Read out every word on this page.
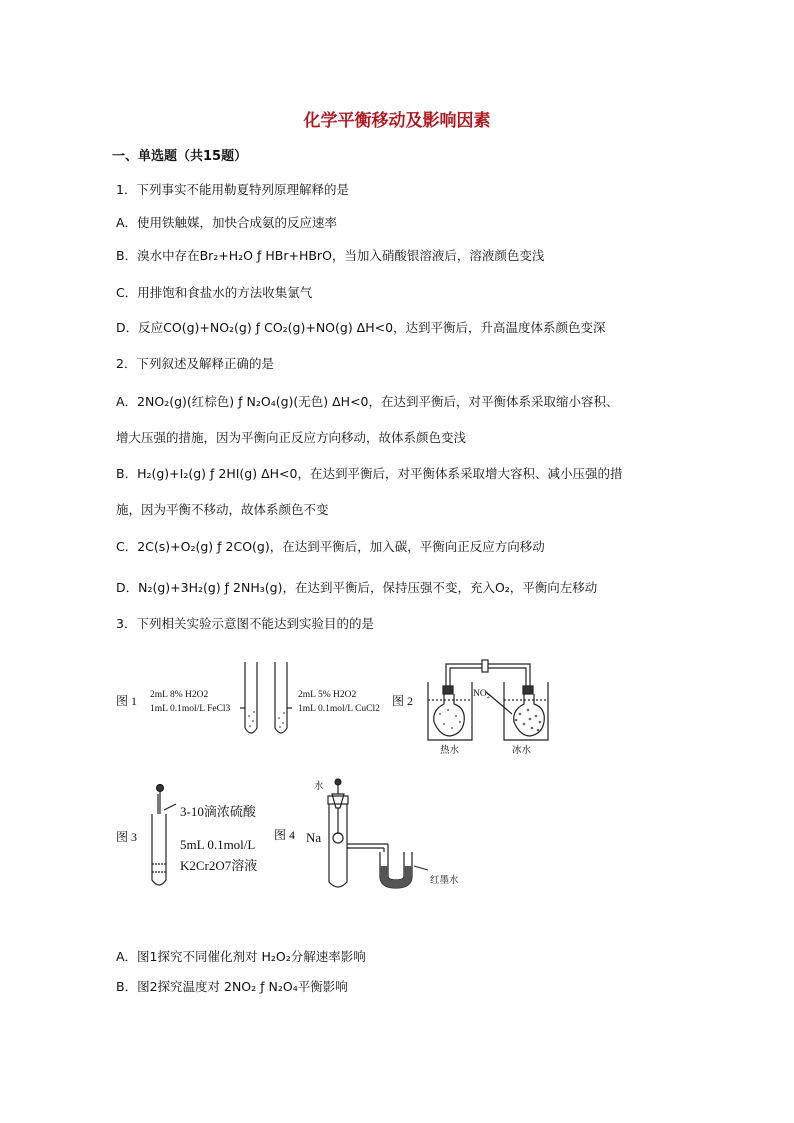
化学平衡移动及影响因素
一、单选题（共15题）
1．下列事实不能用勒夏特列原理解释的是
A．使用铁触媒，加快合成氨的反应速率
B．溴水中存在Br₂+H₂O ƒ HBr+HBrO，当加入硝酸银溶液后，溶液颜色变浅
C．用排饱和食盐水的方法收集氯气
D．反应CO(g)+NO₂(g) ƒ CO₂(g)+NO(g) ΔH<0，达到平衡后，升高温度体系颜色变深
2．下列叙述及解释正确的是
A．2NO₂(g)(红棕色) ƒ N₂O₄(g)(无色) ΔH<0，在达到平衡后，对平衡体系采取缩小容积、
增大压强的措施，因为平衡向正反应方向移动，故体系颜色变浅
B．H₂(g)+I₂(g) ƒ 2HI(g) ΔH<0，在达到平衡后，对平衡体系采取增大容积、减小压强的措
施，因为平衡不移动，故体系颜色不变
C．2C(s)+O₂(g) ƒ 2CO(g)，在达到平衡后，加入碳，平衡向正反应方向移动
D．N₂(g)+3H₂(g) ƒ 2NH₃(g)，在达到平衡后，保持压强不变，充入O₂，平衡向左移动
3．下列相关实验示意图不能达到实验目的的是
图 1 2mL 8% H2O2
1mL 0.1mol/L FeCl3
2mL 5% H2O2
1mL 0.1mol/L CuCl2
图 2	NO₂
热水	冰水
图 3
3-10滴浓硫酸
5mL 0.1mol/L
K2Cr2O7溶液
图 4
水
Na
红墨水
A．图1探究不同催化剂对 H₂O₂分解速率影响
B．图2探究温度对 2NO₂ ƒ N₂O₄平衡影响
